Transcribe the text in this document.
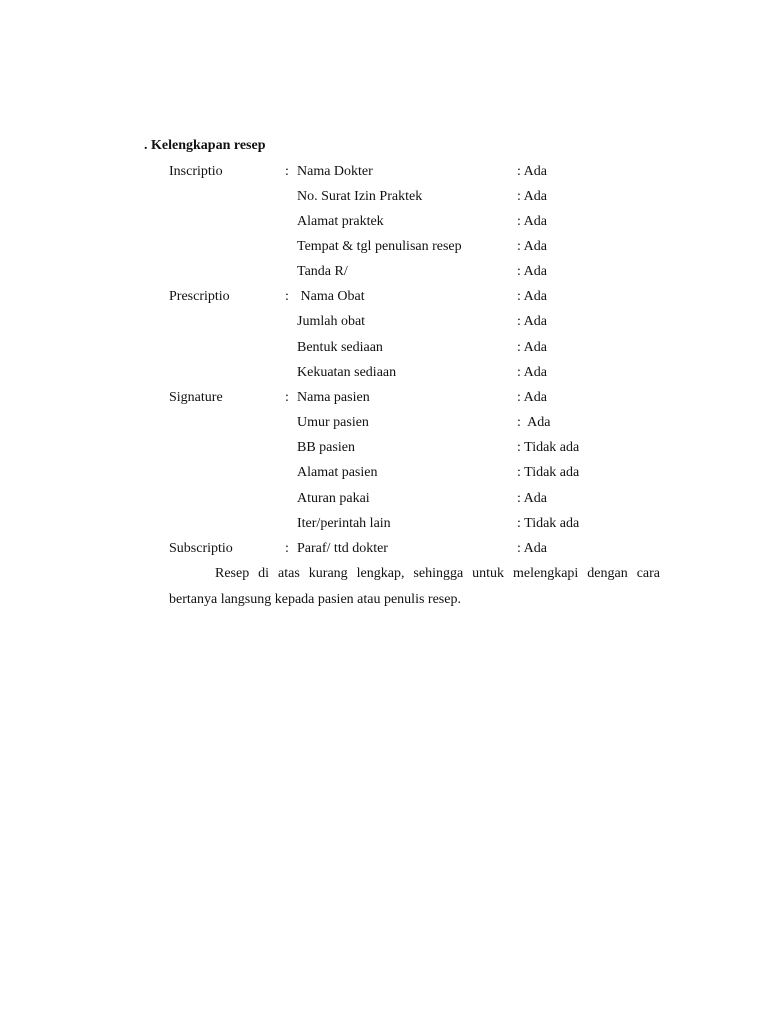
. Kelengkapan resep
Inscriptio	: Nama Dokter	: Ada
No. Surat Izin Praktek	: Ada
Alamat praktek	: Ada
Tempat & tgl penulisan resep	: Ada
Tanda R/	: Ada
Prescriptio	: Nama Obat	: Ada
Jumlah obat	: Ada
Bentuk sediaan	: Ada
Kekuatan sediaan	: Ada
Signature	: Nama pasien	: Ada
Umur pasien	:  Ada
BB pasien	: Tidak ada
Alamat pasien	: Tidak ada
Aturan pakai	: Ada
Iter/perintah lain	: Tidak ada
Subscriptio	: Paraf/ ttd dokter	: Ada
Resep di atas kurang lengkap, sehingga untuk melengkapi dengan cara
bertanya langsung kepada pasien atau penulis resep.
